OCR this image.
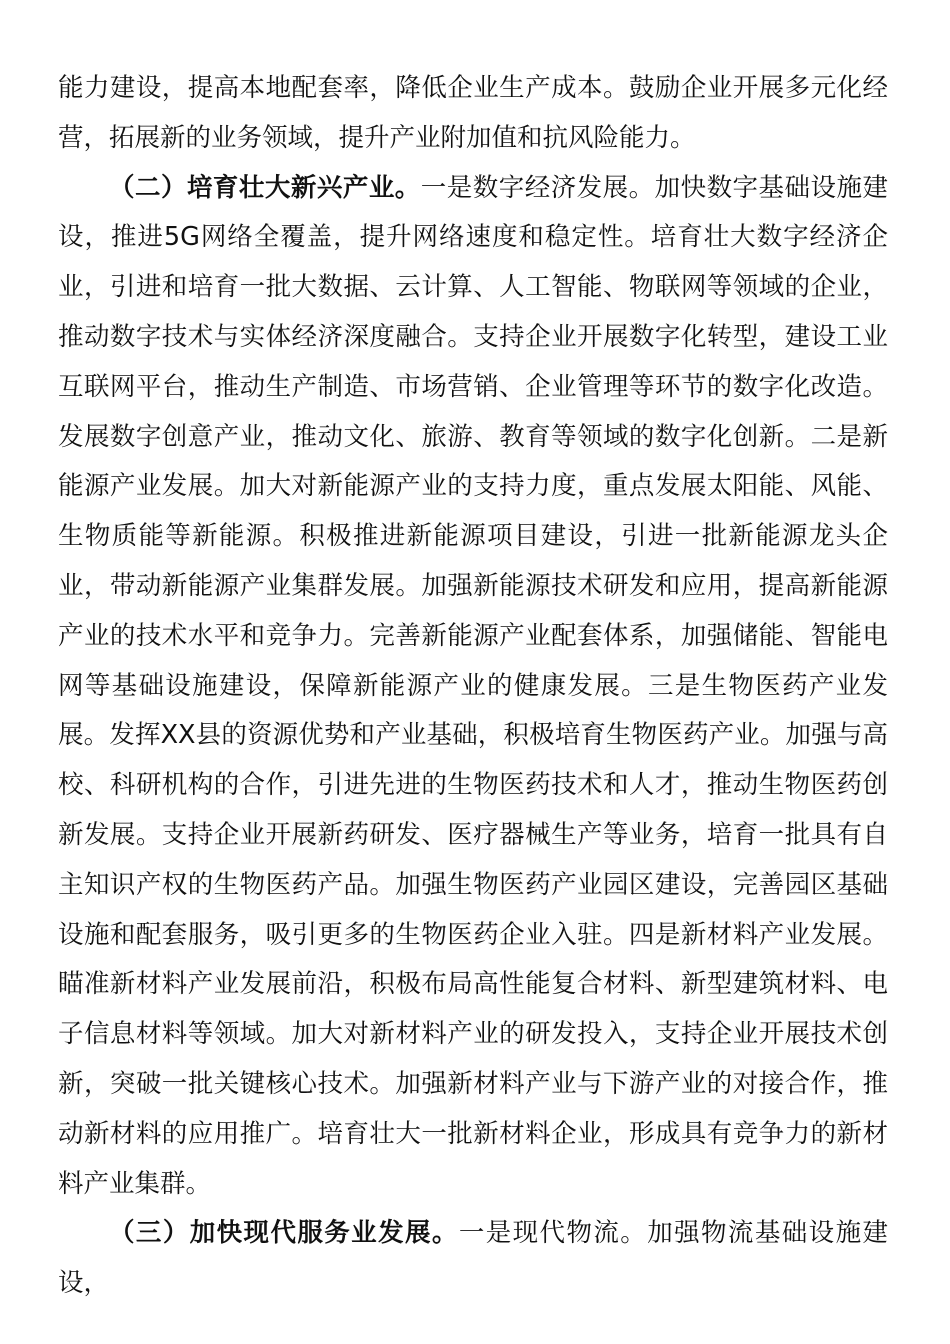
能力建设，提高本地配套率，降低企业生产成本。鼓励企业开展多元化经营，拓展新的业务领域，提升产业附加值和抗风险能力。

（二）培育壮大新兴产业。一是数字经济发展。加快数字基础设施建设，推进5G网络全覆盖，提升网络速度和稳定性。培育壮大数字经济企业，引进和培育一批大数据、云计算、人工智能、物联网等领域的企业，推动数字技术与实体经济深度融合。支持企业开展数字化转型，建设工业互联网平台，推动生产制造、市场营销、企业管理等环节的数字化改造。发展数字创意产业，推动文化、旅游、教育等领域的数字化创新。二是新能源产业发展。加大对新能源产业的支持力度，重点发展太阳能、风能、生物质能等新能源。积极推进新能源项目建设，引进一批新能源龙头企业，带动新能源产业集群发展。加强新能源技术研发和应用，提高新能源产业的技术水平和竞争力。完善新能源产业配套体系，加强储能、智能电网等基础设施建设，保障新能源产业的健康发展。三是生物医药产业发展。发挥XX县的资源优势和产业基础，积极培育生物医药产业。加强与高校、科研机构的合作，引进先进的生物医药技术和人才，推动生物医药创新发展。支持企业开展新药研发、医疗器械生产等业务，培育一批具有自主知识产权的生物医药产品。加强生物医药产业园区建设，完善园区基础设施和配套服务，吸引更多的生物医药企业入驻。四是新材料产业发展。瞄准新材料产业发展前沿，积极布局高性能复合材料、新型建筑材料、电子信息材料等领域。加大对新材料产业的研发投入，支持企业开展技术创新，突破一批关键核心技术。加强新材料产业与下游产业的对接合作，推动新材料的应用推广。培育壮大一批新材料企业，形成具有竞争力的新材料产业集群。

（三）加快现代服务业发展。一是现代物流。加强物流基础设施建设，
